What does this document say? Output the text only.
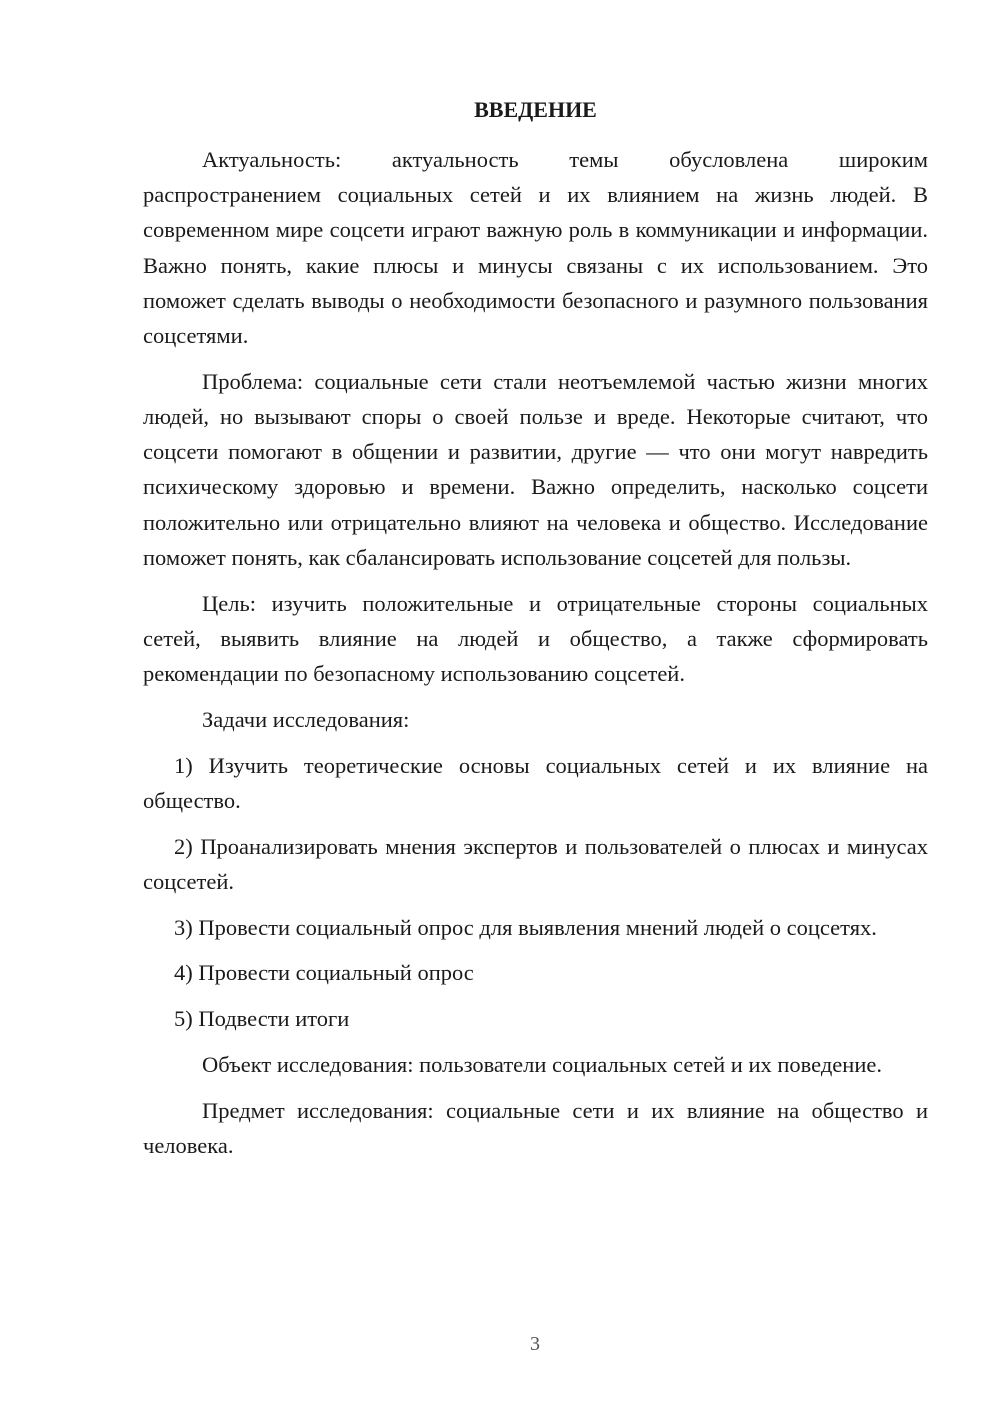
ВВЕДЕНИЕ

Актуальность: актуальность темы обусловлена широким распространением социальных сетей и их влиянием на жизнь людей. В современном мире соцсети играют важную роль в коммуникации и информации. Важно понять, какие плюсы и минусы связаны с их использованием. Это поможет сделать выводы о необходимости безопасного и разумного пользования соцсетями.

Проблема: социальные сети стали неотъемлемой частью жизни многих людей, но вызывают споры о своей пользе и вреде. Некоторые считают, что соцсети помогают в общении и развитии, другие — что они могут навредить психическому здоровью и времени. Важно определить, насколько соцсети положительно или отрицательно влияют на человека и общество. Исследование поможет понять, как сбалансировать использование соцсетей для пользы.

Цель: изучить положительные и отрицательные стороны социальных сетей, выявить влияние на людей и общество, а также сформировать рекомендации по безопасному использованию соцсетей.

Задачи исследования:

1) Изучить теоретические основы социальных сетей и их влияние на общество.

2) Проанализировать мнения экспертов и пользователей о плюсах и минусах соцсетей.

3) Провести социальный опрос для выявления мнений людей о соцсетях.

4) Провести социальный опрос

5) Подвести итоги

Объект исследования: пользователи социальных сетей и их поведение.

Предмет исследования: социальные сети и их влияние на общество и человека.

3
